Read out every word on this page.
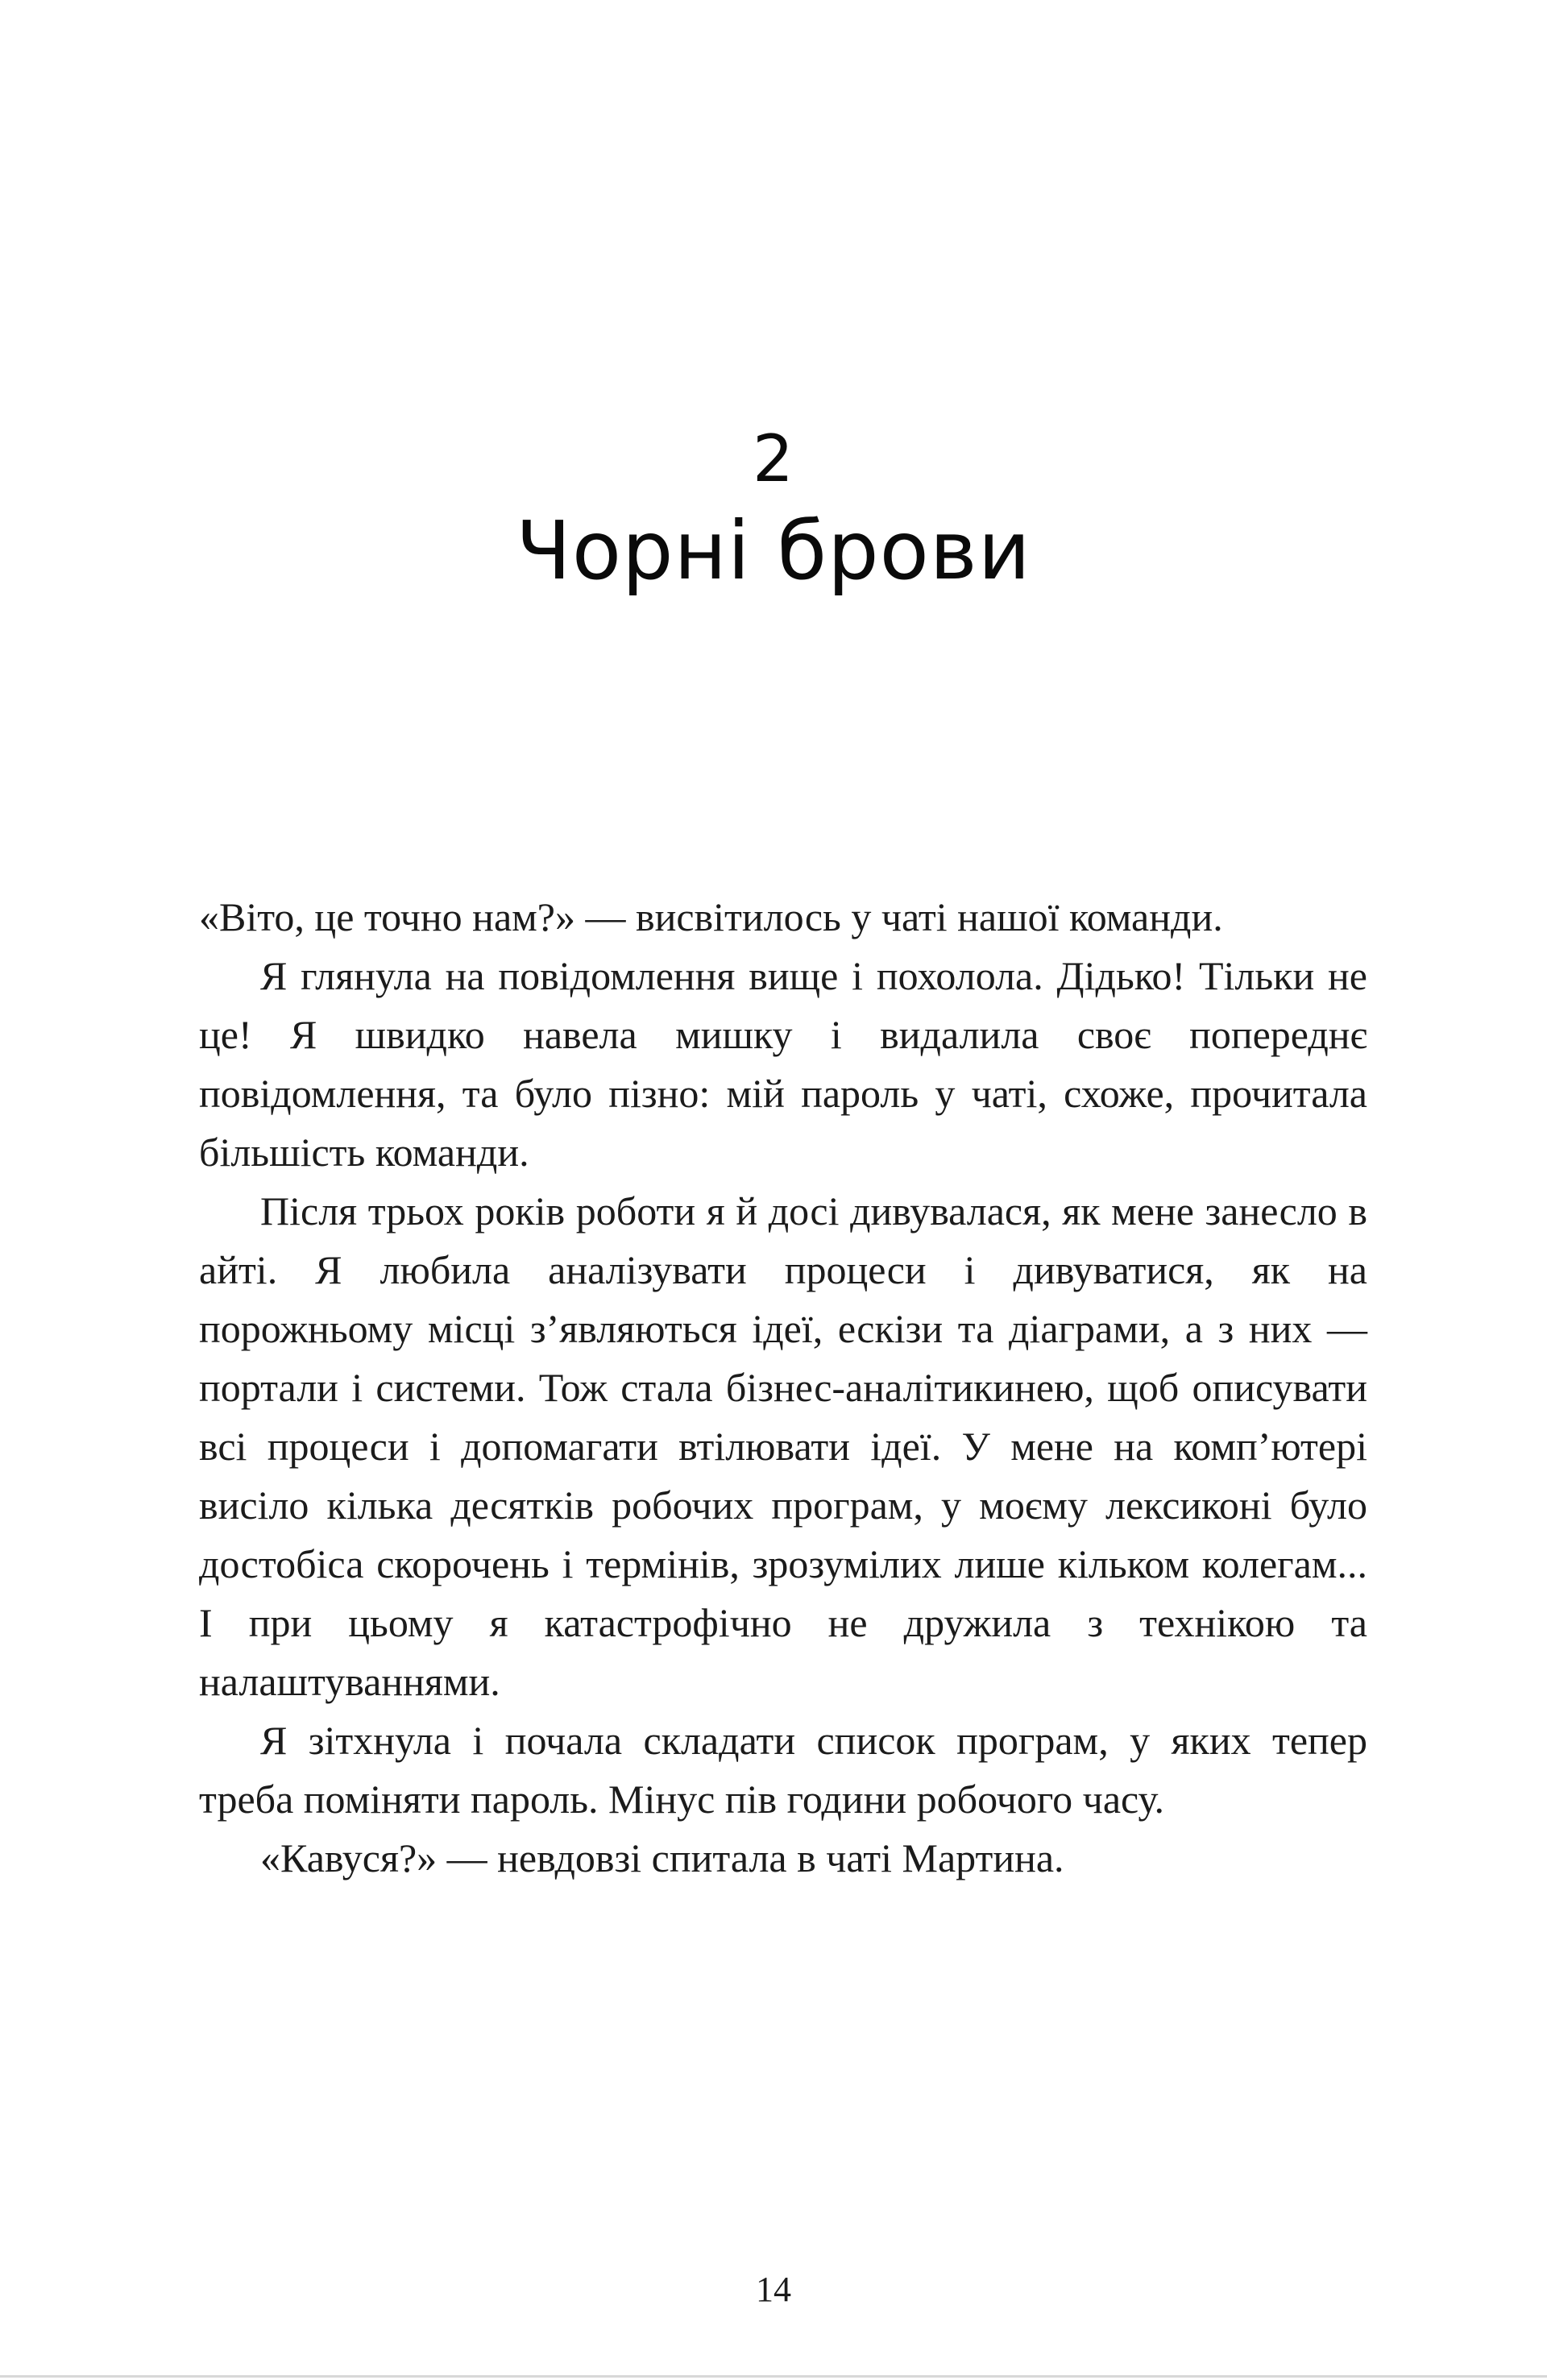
2
Чорні брови

«Віто, це точно нам?» — висвітилось у чаті нашої команди.

Я глянула на повідомлення вище і похолола. Дідько! Тільки не це! Я швидко навела мишку і видалила своє попереднє повідомлення, та було пізно: мій пароль у чаті, схоже, прочитала більшість команди.

Після трьох років роботи я й досі дивувалася, як мене занесло в айті. Я любила аналізувати процеси і дивуватися, як на порожньому місці з’являються ідеї, ескізи та діаграми, а з них — портали і системи. Тож стала бізнес-аналітикинею, щоб описувати всі процеси і допомагати втілювати ідеї. У мене на комп’ютері висіло кілька десятків робочих програм, у моєму лексиконі було достобіса скорочень і термінів, зрозумілих лише кільком колегам... І при цьому я катастрофічно не дружила з технікою та налаштуваннями.

Я зітхнула і почала складати список програм, у яких тепер треба поміняти пароль. Мінус пів години робочого часу.

«Кавуся?» — невдовзі спитала в чаті Мартина.

14
